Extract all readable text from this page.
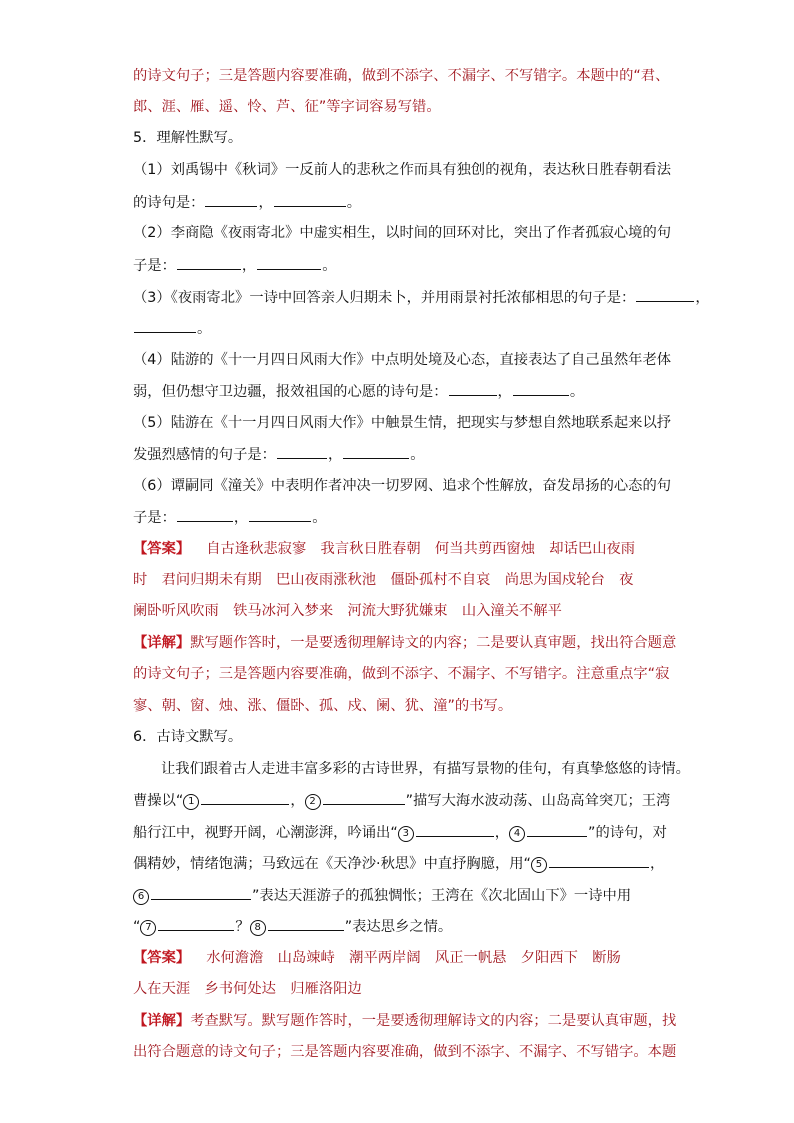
的诗文句子；三是答题内容要准确，做到不添字、不漏字、不写错字。本题中的“君、
郎、涯、雁、遥、怜、芦、征”等字词容易写错。
5．理解性默写。
（1）刘禹锡中《秋词》一反前人的悲秋之作而具有独创的视角，表达秋日胜春朝看法
的诗句是：	，	。
（2）李商隐《夜雨寄北》中虚实相生，以时间的回环对比，突出了作者孤寂心境的句
子是：	，	。
（3）《夜雨寄北》一诗中回答亲人归期未卜，并用雨景衬托浓郁相思的句子是：	，
。
（4）陆游的《十一月四日风雨大作》中点明处境及心态，直接表达了自己虽然年老体
弱，但仍想守卫边疆，报效祖国的心愿的诗句是：	，	。
（5）陆游在《十一月四日风雨大作》中触景生情，把现实与梦想自然地联系起来以抒
发强烈感情的句子是：	，	。
（6）谭嗣同《潼关》中表明作者冲决一切罗网、追求个性解放，奋发昂扬的心态的句
子是：	，	。
【答案】 自古逢秋悲寂寥　我言秋日胜春朝　何当共剪西窗烛　却话巴山夜雨
时　君问归期未有期　巴山夜雨涨秋池　僵卧孤村不自哀　尚思为国戍轮台　夜
阑卧听风吹雨　铁马冰河入梦来　河流大野犹嫌束　山入潼关不解平
【详解】默写题作答时，一是要透彻理解诗文的内容；二是要认真审题，找出符合题意
的诗文句子；三是答题内容要准确，做到不添字、不漏字、不写错字。注意重点字“寂
寥、朝、窗、烛、涨、僵卧、孤、戍、阑、犹、潼”的书写。
6．古诗文默写。
让我们跟着古人走进丰富多彩的古诗世界，有描写景物的佳句，有真挚悠悠的诗情。
曹操以“ 1	， 2	”描写大海水波动荡、山岛高耸突兀；王湾
船行江中，视野开阔，心潮澎湃，吟诵出“ 3	， 4	”的诗句，对
偶精妙，情绪饱满；马致远在《天净沙·秋思》中直抒胸臆，用“ 5	，
6	”表达天涯游子的孤独惆怅；王湾在《次北固山下》一诗中用
“ 7	？ 8	”表达思乡之情。
【答案】 水何澹澹　山岛竦峙　潮平两岸阔　风正一帆悬　夕阳西下　断肠
人在天涯　乡书何处达　归雁洛阳边
【详解】考查默写。默写题作答时，一是要透彻理解诗文的内容；二是要认真审题，找
出符合题意的诗文句子；三是答题内容要准确，做到不添字、不漏字、不写错字。本题
